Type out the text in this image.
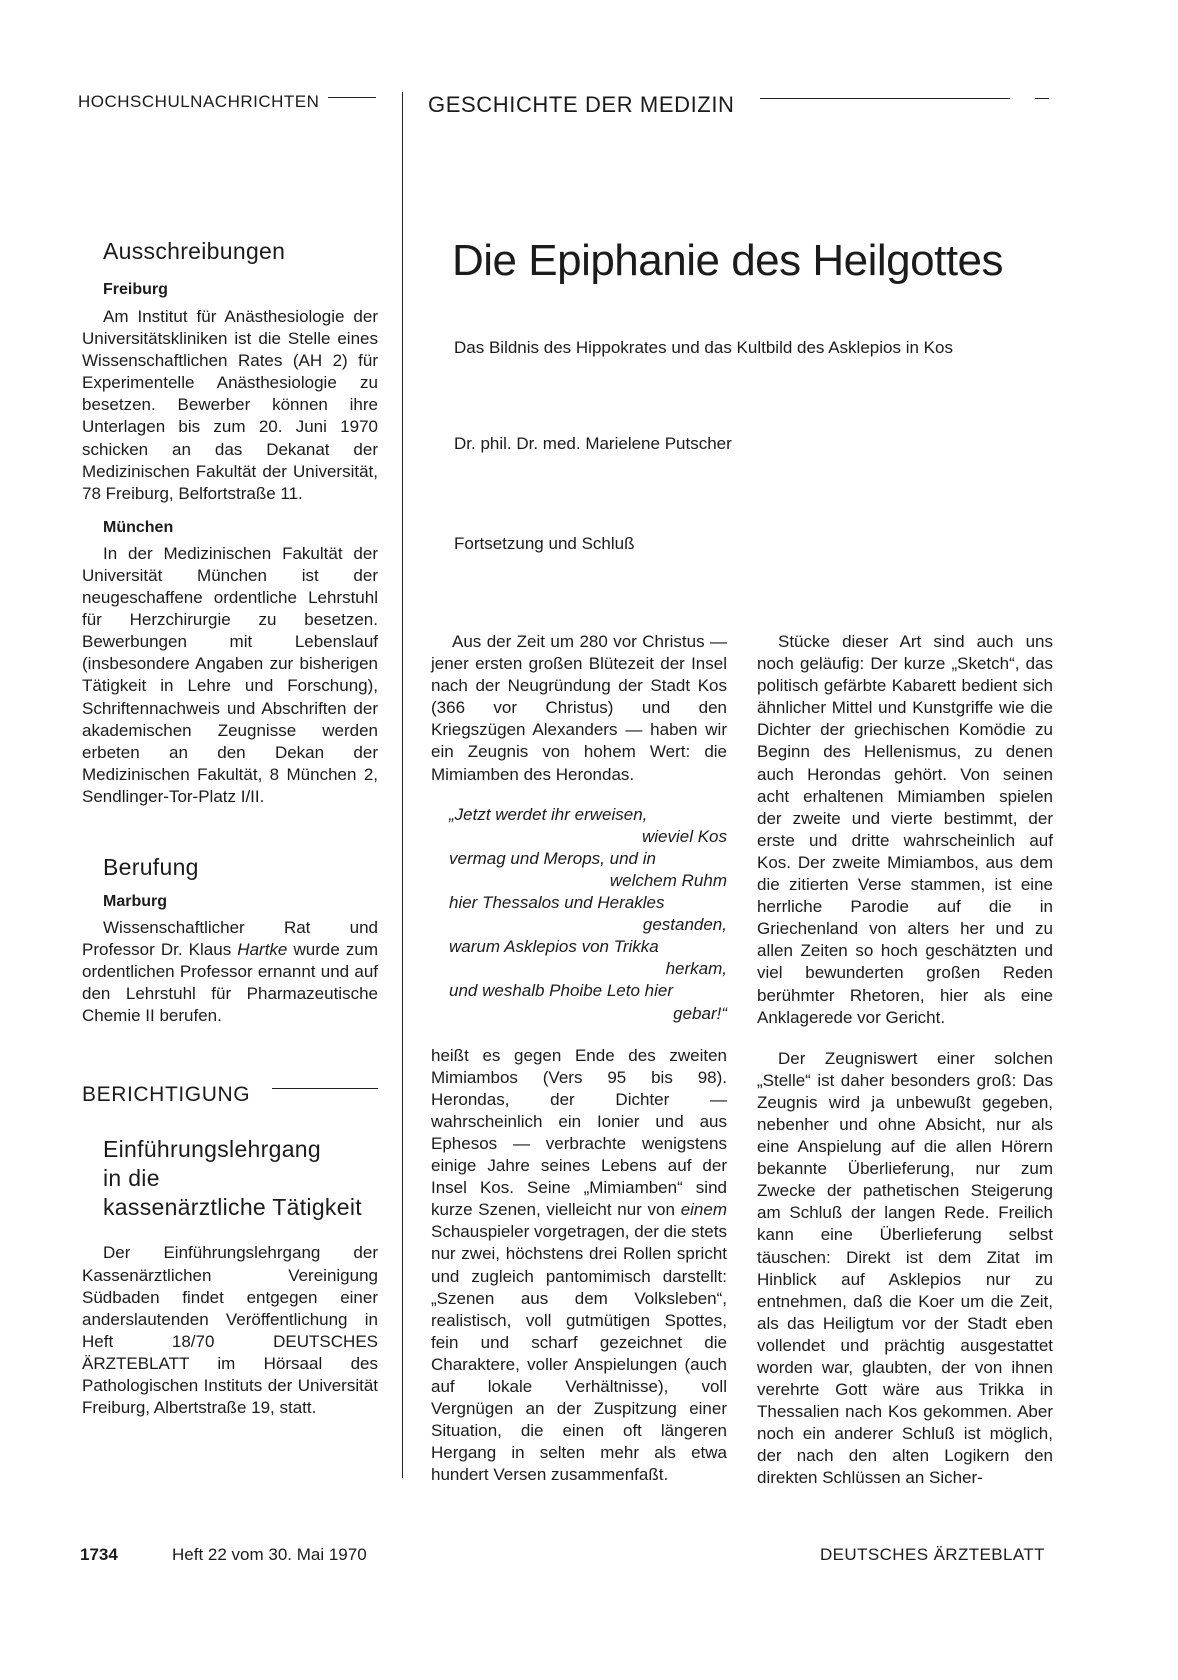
HOCHSCHULNACHRICHTEN	GESCHICHTE DER MEDIZIN
Ausschreibungen
Freiburg

Am Institut für Anästhesiologie der Universitätskliniken ist die Stelle eines Wissenschaftlichen Rates (AH 2) für Experimentelle Anästhesiologie zu besetzen. Bewerber können ihre Unterlagen bis zum 20. Juni 1970 schicken an das Dekanat der Medizinischen Fakultät der Universität, 78 Freiburg, Belfortstraße 11.

München

In der Medizinischen Fakultät der Universität München ist der neugeschaffene ordentliche Lehrstuhl für Herzchirurgie zu besetzen. Bewerbungen mit Lebenslauf (insbesondere Angaben zur bisherigen Tätigkeit in Lehre und Forschung), Schriftennachweis und Abschriften der akademischen Zeugnisse werden erbeten an den Dekan der Medizinischen Fakultät, 8 München 2, Sendlinger-Tor-Platz I/II.

Berufung
Marburg

Wissenschaftlicher Rat und Professor Dr. Klaus Hartke wurde zum ordentlichen Professor ernannt und auf den Lehrstuhl für Pharmazeutische Chemie II berufen.

BERICHTIGUNG
Einführungslehrgang
in die
kassenärztliche Tätigkeit

Der Einführungslehrgang der Kassenärztlichen Vereinigung Südbaden findet entgegen einer anderslautenden Veröffentlichung in Heft 18/70 DEUTSCHES ÄRZTEBLATT im Hörsaal des Pathologischen Instituts der Universität Freiburg, Albertstraße 19, statt.

Die Epiphanie des Heilgottes
Das Bildnis des Hippokrates und das Kultbild des Asklepios in Kos
Dr. phil. Dr. med. Marielene Putscher
Fortsetzung und Schluß

Aus der Zeit um 280 vor Christus — jener ersten großen Blütezeit der Insel nach der Neugründung der Stadt Kos (366 vor Christus) und den Kriegszügen Alexanders — haben wir ein Zeugnis von hohem Wert: die Mimiamben des Herondas.

„Jetzt werdet ihr erweisen,
wieviel Kos
vermag und Merops, und in
welchem Ruhm
hier Thessalos und Herakles
gestanden,
warum Asklepios von Trikka
herkam,
und weshalb Phoibe Leto hier
gebar!“

heißt es gegen Ende des zweiten Mimiambos (Vers 95 bis 98). Herondas, der Dichter — wahrscheinlich ein Ionier und aus Ephesos — verbrachte wenigstens einige Jahre seines Lebens auf der Insel Kos. Seine „Mimiamben“ sind kurze Szenen, vielleicht nur von einem Schauspieler vorgetragen, der die stets nur zwei, höchstens drei Rollen spricht und zugleich pantomimisch darstellt: „Szenen aus dem Volksleben“, realistisch, voll gutmütigen Spottes, fein und scharf gezeichnet die Charaktere, voller Anspielungen (auch auf lokale Verhältnisse), voll Vergnügen an der Zuspitzung einer Situation, die einen oft längeren Hergang in selten mehr als etwa hundert Versen zusammenfaßt.

Stücke dieser Art sind auch uns noch geläufig: Der kurze „Sketch“, das politisch gefärbte Kabarett bedient sich ähnlicher Mittel und Kunstgriffe wie die Dichter der griechischen Komödie zu Beginn des Hellenismus, zu denen auch Herondas gehört. Von seinen acht erhaltenen Mimiamben spielen der zweite und vierte bestimmt, der erste und dritte wahrscheinlich auf Kos. Der zweite Mimiambos, aus dem die zitierten Verse stammen, ist eine herrliche Parodie auf die in Griechenland von alters her und zu allen Zeiten so hoch geschätzten und viel bewunderten großen Reden berühmter Rhetoren, hier als eine Anklagerede vor Gericht.

Der Zeugniswert einer solchen „Stelle“ ist daher besonders groß: Das Zeugnis wird ja unbewußt gegeben, nebenher und ohne Absicht, nur als eine Anspielung auf die allen Hörern bekannte Überlieferung, nur zum Zwecke der pathetischen Steigerung am Schluß der langen Rede. Freilich kann eine Überlieferung selbst täuschen: Direkt ist dem Zitat im Hinblick auf Asklepios nur zu entnehmen, daß die Koer um die Zeit, als das Heiligtum vor der Stadt eben vollendet und prächtig ausgestattet worden war, glaubten, der von ihnen verehrte Gott wäre aus Trikka in Thessalien nach Kos gekommen. Aber noch ein anderer Schluß ist möglich, der nach den alten Logikern den direkten Schlüssen an Sicher-

1734	Heft 22 vom 30. Mai 1970	DEUTSCHES ÄRZTEBLATT
